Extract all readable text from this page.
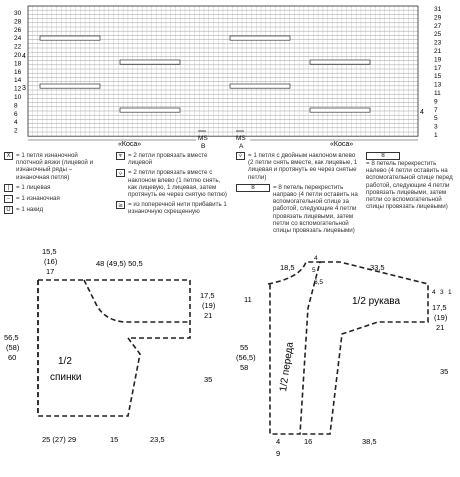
30
28
26
24
22
20
18
16
14
12
10
8
6
4
2
31
29
27
25
23
21
19
17
15
13
11
9
7
5
3
1
4
3
4
«Коса»	«Коса»
MS
B
MS
A
X = 1 петля изнаночной плотчной вязки (лицевой и изнаночный ряды – изнаночная петля)
|	= 1 лицевая
– = 1 изнаночная
U = 1 накид
⩔ = 2 петли провязать вместе лицевой
⩒ = 2 петли провязать вместе с наклоном влево (1 петлю снять, как лицевую, 1 лицевая, затем протянуть ее через снятую петлю)
≥ = из поперечной нити прибавить 1 изнаночную скрещенную
⩒ = 1 петля с двойным наклоном влево (2 петли снять вместе, как лицевые, 1 лицевая и протянуть ее через снятые петли)
8	= 8 петель перекрестить направо (4 петли оставить на вспомогательной спице за работой, следующие 4 петли провязать лицевыми, затем петли со вспомогательной спицы провязать лицевыми)
8
= 8 петель перекрестить налево (4 петли оставить на вспомогательной спице перед работой, следующие 4 петли провязать лицевыми, затем петли со вспомогательной спицы провязать лицевыми)
1/2
спинки
15,5
(16)
17
48 (49,5) 50,5
17,5
(19)
21
35
56,5
(58)
60
25 (27) 29	15	23,5
1/2 переда
1/2 рукава
18,5
4
5
6,5
33,5
4 3 1
17,5
(19)
21
35
11
55
(56,5)
58
4
9
16	38,5
